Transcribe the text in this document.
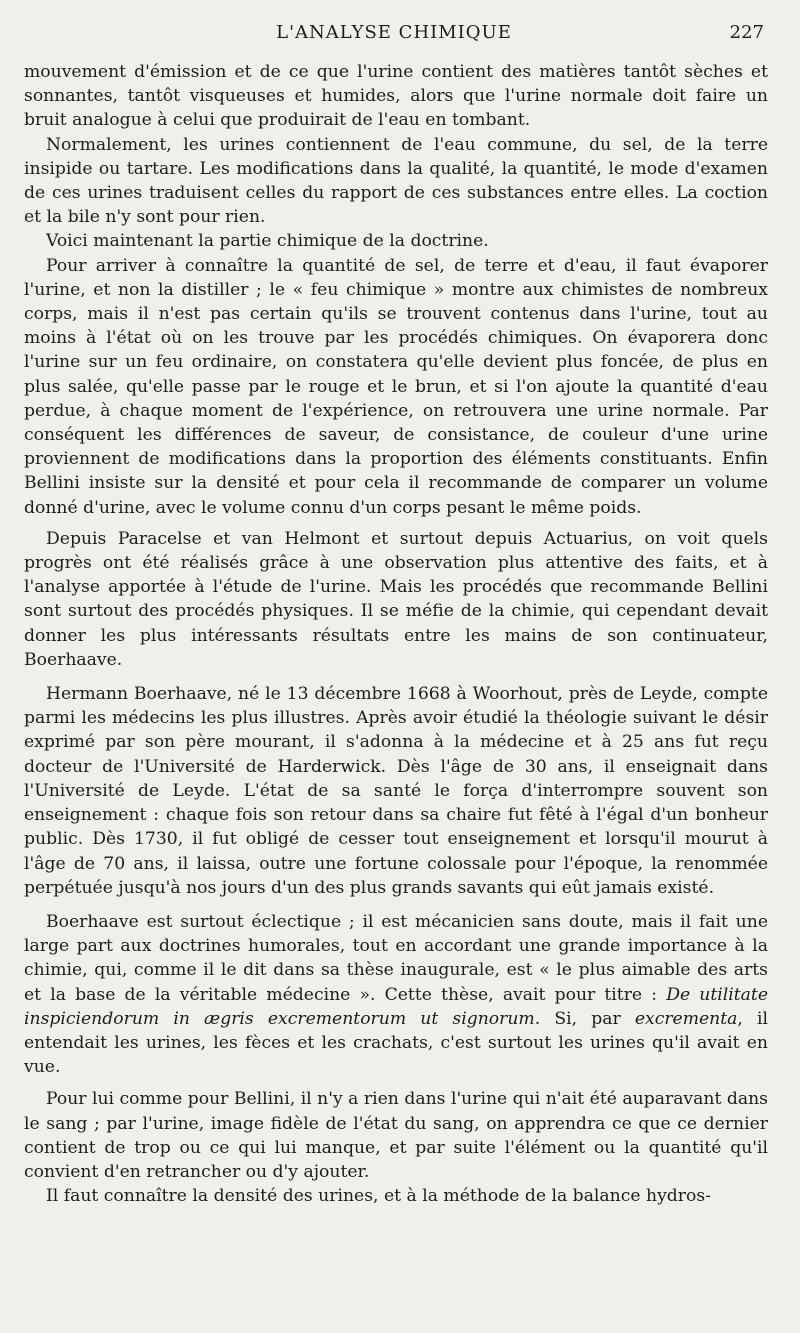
L'ANALYSE CHIMIQUE	227

mouvement d'émission et de ce que l'urine contient des matières tantôt sèches et sonnantes, tantôt visqueuses et humides, alors que l'urine normale doit faire un bruit analogue à celui que produirait de l'eau en tombant.

Normalement, les urines contiennent de l'eau commune, du sel, de la terre insipide ou tartare. Les modifications dans la qualité, la quantité, le mode d'examen de ces urines traduisent celles du rapport de ces substances entre elles. La coction et la bile n'y sont pour rien.

Voici maintenant la partie chimique de la doctrine.

Pour arriver à connaître la quantité de sel, de terre et d'eau, il faut évaporer l'urine, et non la distiller ; le « feu chimique » montre aux chimistes de nombreux corps, mais il n'est pas certain qu'ils se trouvent contenus dans l'urine, tout au moins à l'état où on les trouve par les procédés chimiques. On évaporera donc l'urine sur un feu ordinaire, on constatera qu'elle devient plus foncée, de plus en plus salée, qu'elle passe par le rouge et le brun, et si l'on ajoute la quantité d'eau perdue, à chaque moment de l'expérience, on retrouvera une urine normale. Par conséquent les différences de saveur, de consistance, de couleur d'une urine proviennent de modifications dans la proportion des éléments constituants. Enfin Bellini insiste sur la densité et pour cela il recommande de comparer un volume donné d'urine, avec le volume connu d'un corps pesant le même poids.

Depuis Paracelse et van Helmont et surtout depuis Actuarius, on voit quels progrès ont été réalisés grâce à une observation plus attentive des faits, et à l'analyse apportée à l'étude de l'urine. Mais les procédés que recommande Bellini sont surtout des procédés physiques. Il se méfie de la chimie, qui cependant devait donner les plus intéressants résultats entre les mains de son continuateur, Boerhaave.

Hermann Boerhaave, né le 13 décembre 1668 à Woorhout, près de Leyde, compte parmi les médecins les plus illustres. Après avoir étudié la théologie suivant le désir exprimé par son père mourant, il s'adonna à la médecine et à 25 ans fut reçu docteur de l'Université de Harderwick. Dès l'âge de 30 ans, il enseignait dans l'Université de Leyde. L'état de sa santé le força d'interrompre souvent son enseignement : chaque fois son retour dans sa chaire fut fêté à l'égal d'un bonheur public. Dès 1730, il fut obligé de cesser tout enseignement et lorsqu'il mourut à l'âge de 70 ans, il laissa, outre une fortune colossale pour l'époque, la renommée perpétuée jusqu'à nos jours d'un des plus grands savants qui eût jamais existé.

Boerhaave est surtout éclectique ; il est mécanicien sans doute, mais il fait une large part aux doctrines humorales, tout en accordant une grande importance à la chimie, qui, comme il le dit dans sa thèse inaugurale, est « le plus aimable des arts et la base de la véritable médecine ». Cette thèse, avait pour titre : De utilitate inspiciendorum in ægris excrementorum ut signorum. Si, par excrementa, il entendait les urines, les fèces et les crachats, c'est surtout les urines qu'il avait en vue.

Pour lui comme pour Bellini, il n'y a rien dans l'urine qui n'ait été auparavant dans le sang ; par l'urine, image fidèle de l'état du sang, on apprendra ce que ce dernier contient de trop ou ce qui lui manque, et par suite l'élément ou la quantité qu'il convient d'en retrancher ou d'y ajouter.

Il faut connaître la densité des urines, et à la méthode de la balance hydros-
